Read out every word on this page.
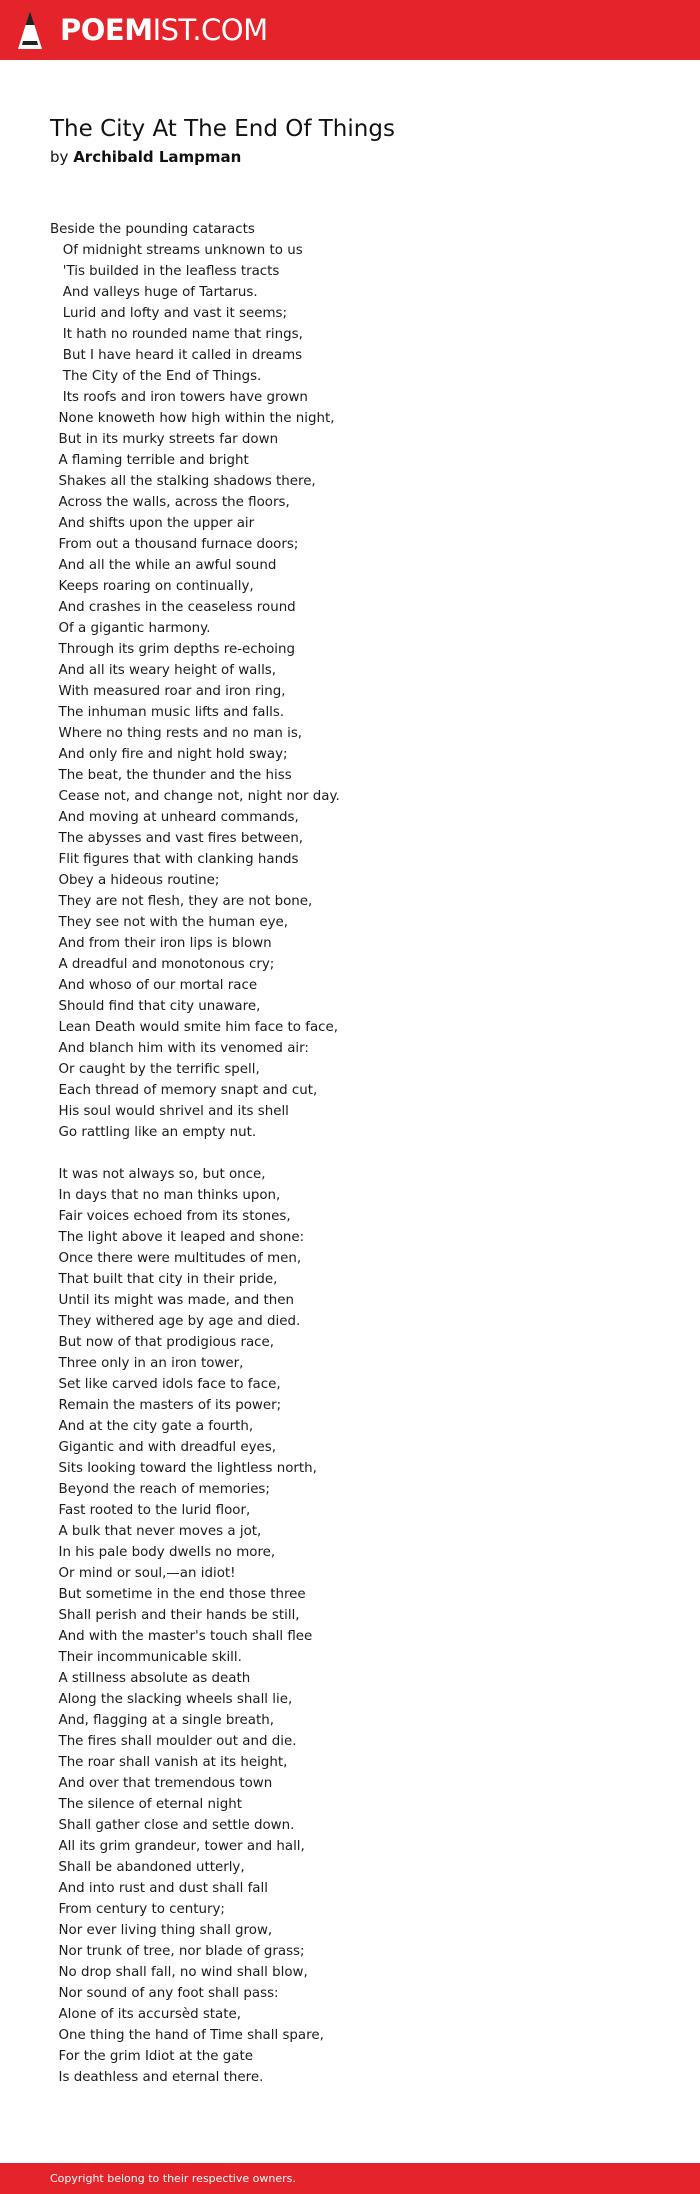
POEMIST.COM
The City At The End Of Things
by Archibald Lampman
Beside the pounding cataracts
Of midnight streams unknown to us
'Tis builded in the leafless tracts
And valleys huge of Tartarus.
Lurid and lofty and vast it seems;
It hath no rounded name that rings,
But I have heard it called in dreams
The City of the End of Things.
Its roofs and iron towers have grown
None knoweth how high within the night,
But in its murky streets far down
A flaming terrible and bright
Shakes all the stalking shadows there,
Across the walls, across the floors,
And shifts upon the upper air
From out a thousand furnace doors;
And all the while an awful sound
Keeps roaring on continually,
And crashes in the ceaseless round
Of a gigantic harmony.
Through its grim depths re-echoing
And all its weary height of walls,
With measured roar and iron ring,
The inhuman music lifts and falls.
Where no thing rests and no man is,
And only fire and night hold sway;
The beat, the thunder and the hiss
Cease not, and change not, night nor day.
And moving at unheard commands,
The abysses and vast fires between,
Flit figures that with clanking hands
Obey a hideous routine;
They are not flesh, they are not bone,
They see not with the human eye,
And from their iron lips is blown
A dreadful and monotonous cry;
And whoso of our mortal race
Should find that city unaware,
Lean Death would smite him face to face,
And blanch him with its venomed air:
Or caught by the terrific spell,
Each thread of memory snapt and cut,
His soul would shrivel and its shell
Go rattling like an empty nut.
It was not always so, but once,
In days that no man thinks upon,
Fair voices echoed from its stones,
The light above it leaped and shone:
Once there were multitudes of men,
That built that city in their pride,
Until its might was made, and then
They withered age by age and died.
But now of that prodigious race,
Three only in an iron tower,
Set like carved idols face to face,
Remain the masters of its power;
And at the city gate a fourth,
Gigantic and with dreadful eyes,
Sits looking toward the lightless north,
Beyond the reach of memories;
Fast rooted to the lurid floor,
A bulk that never moves a jot,
In his pale body dwells no more,
Or mind or soul,—an idiot!
But sometime in the end those three
Shall perish and their hands be still,
And with the master's touch shall flee
Their incommunicable skill.
A stillness absolute as death
Along the slacking wheels shall lie,
And, flagging at a single breath,
The fires shall moulder out and die.
The roar shall vanish at its height,
And over that tremendous town
The silence of eternal night
Shall gather close and settle down.
All its grim grandeur, tower and hall,
Shall be abandoned utterly,
And into rust and dust shall fall
From century to century;
Nor ever living thing shall grow,
Nor trunk of tree, nor blade of grass;
No drop shall fall, no wind shall blow,
Nor sound of any foot shall pass:
Alone of its accursèd state,
One thing the hand of Time shall spare,
For the grim Idiot at the gate
Is deathless and eternal there.
Copyright belong to their respective owners.
